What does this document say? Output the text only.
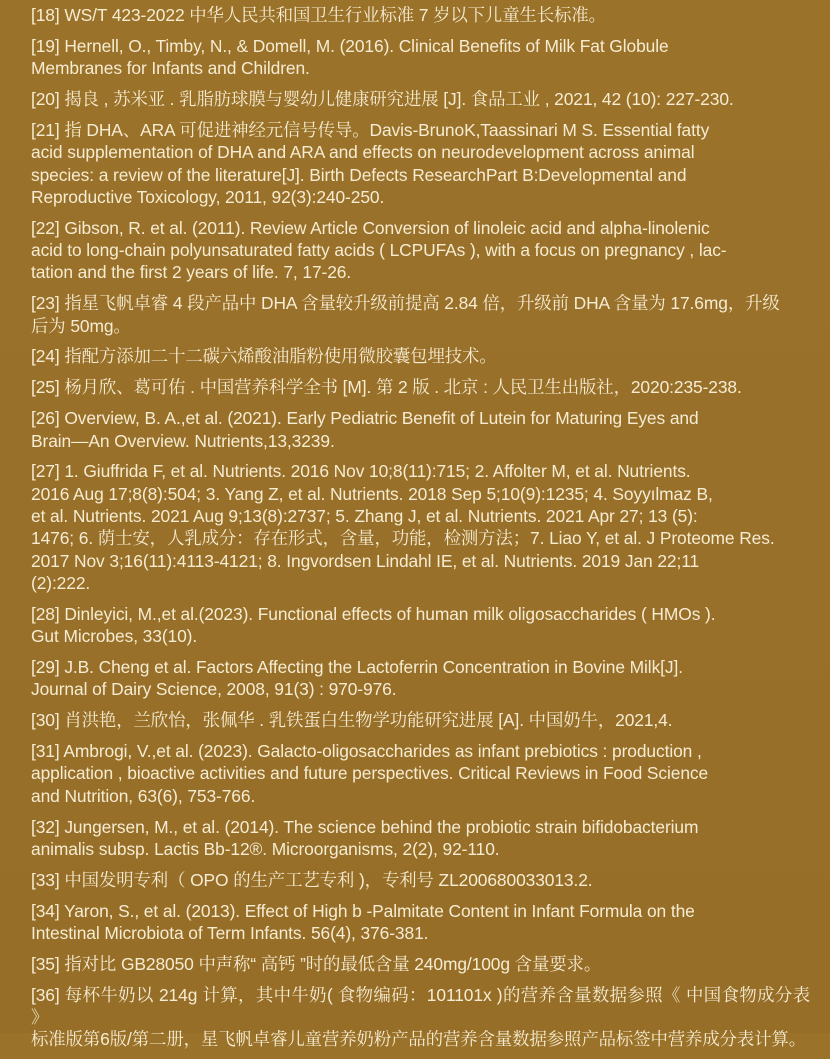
[18] WS/T 423-2022 中华人民共和国卫生行业标准 7 岁以下儿童生长标准。

[19] Hernell, O., Timby, N., & Domell, M. (2016). Clinical Benefits of Milk Fat Globule
Membranes for Infants and Children.

[20] 揭良 , 苏米亚 . 乳脂肪球膜与婴幼儿健康研究进展 [J]. 食品工业 , 2021, 42 (10): 227-230.

[21] 指 DHA、ARA 可促进神经元信号传导。Davis-BrunoK,Taassinari M S. Essential fatty
acid supplementation of DHA and ARA and effects on neurodevelopment across animal
species: a review of the literature[J]. Birth Defects ResearchPart B:Developmental and
Reproductive Toxicology, 2011, 92(3):240-250.

[22] Gibson, R. et al. (2011). Review Article Conversion of linoleic acid and alpha-linolenic
acid to long-chain polyunsaturated fatty acids ( LCPUFAs ), with a focus on pregnancy , lac-
tation and the first 2 years of life. 7, 17-26.

[23] 指星飞帆卓睿 4 段产品中 DHA 含量较升级前提高 2.84 倍，升级前 DHA 含量为 17.6mg，升级
后为 50mg。

[24] 指配方添加二十二碳六烯酸油脂粉使用微胶囊包埋技术。

[25] 杨月欣、葛可佑 . 中国营养科学全书 [M]. 第 2 版 . 北京 : 人民卫生出版社，2020:235-238.

[26] Overview, B. A.,et al. (2021). Early Pediatric Benefit of Lutein for Maturing Eyes and
Brain—An Overview. Nutrients,13,3239.

[27] 1. Giuffrida F, et al. Nutrients. 2016 Nov 10;8(11):715; 2. Affolter M, et al. Nutrients.
2016 Aug 17;8(8):504; 3. Yang Z, et al. Nutrients. 2018 Sep 5;10(9):1235; 4. Soyyılmaz B,
et al. Nutrients. 2021 Aug 9;13(8):2737; 5. Zhang J, et al. Nutrients. 2021 Apr 27; 13 (5):
1476; 6. 荫士安，人乳成分：存在形式，含量，功能，检测方法；7. Liao Y, et al. J Proteome Res.
2017 Nov 3;16(11):4113-4121; 8. Ingvordsen Lindahl IE, et al. Nutrients. 2019 Jan 22;11
(2):222.

[28] Dinleyici, M.,et al.(2023). Functional effects of human milk oligosaccharides ( HMOs ).
Gut Microbes, 33(10).

[29] J.B. Cheng et al. Factors Affecting the Lactoferrin Concentration in Bovine Milk[J].
Journal of Dairy Science, 2008, 91(3) : 970-976.

[30] 肖洪艳，兰欣怡，张佩华 . 乳铁蛋白生物学功能研究进展 [A]. 中国奶牛，2021,4.

[31] Ambrogi, V.,et al. (2023). Galacto-oligosaccharides as infant prebiotics : production ,
application , bioactive activities and future perspectives. Critical Reviews in Food Science
and Nutrition, 63(6), 753-766.

[32] Jungersen, M., et al. (2014). The science behind the probiotic strain bifidobacterium
animalis subsp. Lactis Bb-12®. Microorganisms, 2(2), 92-110.

[33] 中国发明专利（ OPO 的生产工艺专利 )，专利号 ZL200680033013.2.

[34] Yaron, S., et al. (2013). Effect of High b -Palmitate Content in Infant Formula on the
Intestinal Microbiota of Term Infants. 56(4), 376-381.

[35] 指对比 GB28050 中声称“ 高钙 ”时的最低含量 240mg/100g 含量要求。

[36] 每杯牛奶以 214g 计算，其中牛奶( 食物编码：101101x )的营养含量数据参照《 中国食物成分表 》
标准版第6版/第二册，星飞帆卓睿儿童营养奶粉产品的营养含量数据参照产品标签中营养成分表计算。
